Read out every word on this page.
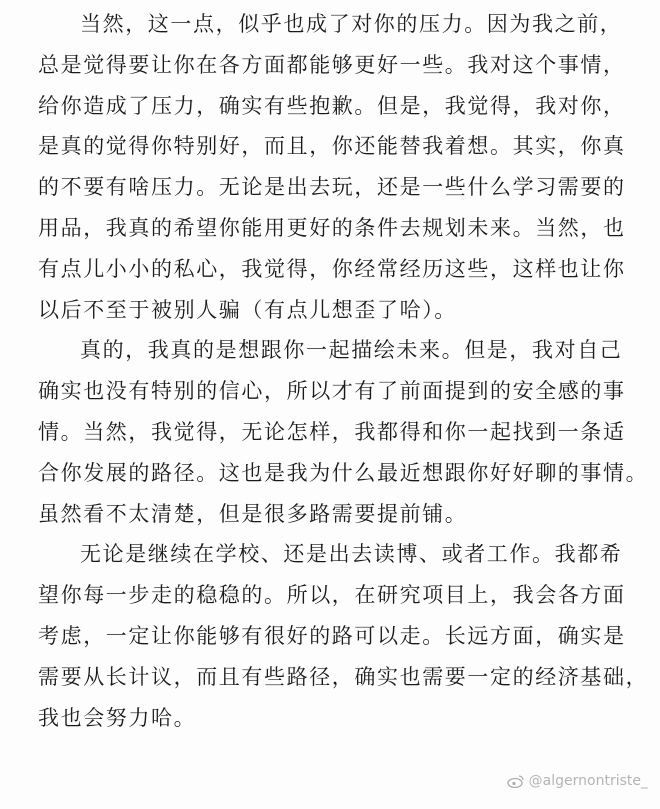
当然，这一点，似乎也成了对你的压力。因为我之前，
总是觉得要让你在各方面都能够更好一些。我对这个事情，
给你造成了压力，确实有些抱歉。但是，我觉得，我对你，
是真的觉得你特别好，而且，你还能替我着想。其实，你真
的不要有啥压力。无论是出去玩，还是一些什么学习需要的
用品，我真的希望你能用更好的条件去规划未来。当然，也
有点儿小小的私心，我觉得，你经常经历这些，这样也让你
以后不至于被别人骗（有点儿想歪了哈）。
真的，我真的是想跟你一起描绘未来。但是，我对自己
确实也没有特别的信心，所以才有了前面提到的安全感的事
情。当然，我觉得，无论怎样，我都得和你一起找到一条适
合你发展的路径。这也是我为什么最近想跟你好好聊的事情。
虽然看不太清楚，但是很多路需要提前铺。
无论是继续在学校、还是出去读博、或者工作。我都希
望你每一步走的稳稳的。所以，在研究项目上，我会各方面
考虑，一定让你能够有很好的路可以走。长远方面，确实是
需要从长计议，而且有些路径，确实也需要一定的经济基础，
我也会努力哈。
@algernontriste_
